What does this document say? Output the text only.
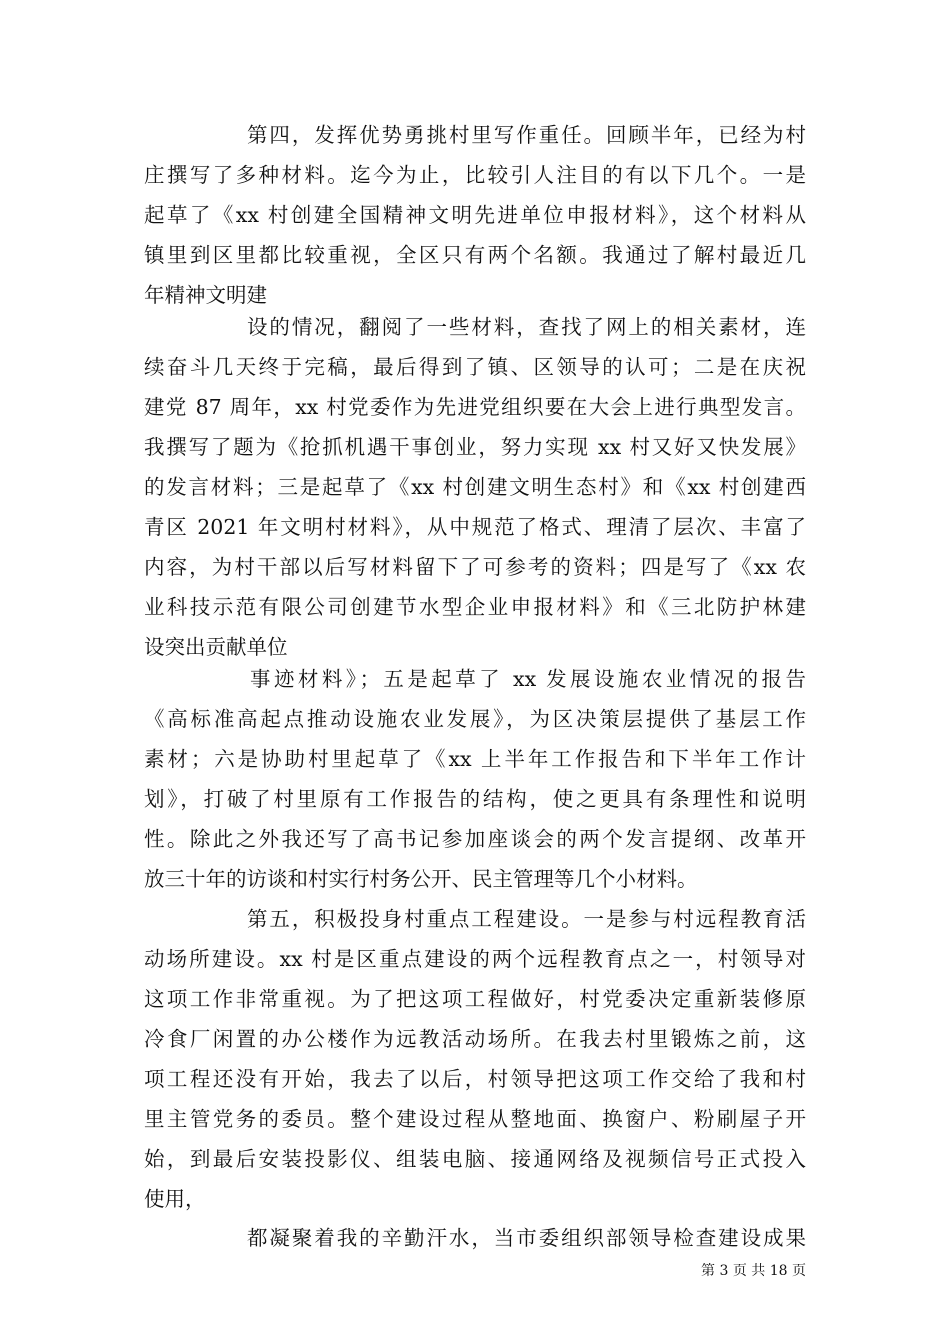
第四，发挥优势勇挑村里写作重任。回顾半年，已经为村
庄撰写了多种材料。迄今为止，比较引人注目的有以下几个。一是
起草了《xx 村创建全国精神文明先进单位申报材料》，这个材料从
镇里到区里都比较重视，全区只有两个名额。我通过了解村最近几
年精神文明建
设的情况，翻阅了一些材料，查找了网上的相关素材，连
续奋斗几天终于完稿，最后得到了镇、区领导的认可；二是在庆祝
建党 87 周年，xx 村党委作为先进党组织要在大会上进行典型发言。
我撰写了题为《抢抓机遇干事创业，努力实现 xx 村又好又快发展》
的发言材料；三是起草了《xx 村创建文明生态村》和《xx 村创建西
青区 2021 年文明村材料》，从中规范了格式、理清了层次、丰富了
内容，为村干部以后写材料留下了可参考的资料；四是写了《xx 农
业科技示范有限公司创建节水型企业申报材料》和《三北防护林建
设突出贡献单位
事迹材料》；五是起草了 xx 发展设施农业情况的报告
《高标准高起点推动设施农业发展》，为区决策层提供了基层工作
素材；六是协助村里起草了《xx 上半年工作报告和下半年工作计
划》，打破了村里原有工作报告的结构，使之更具有条理性和说明
性。除此之外我还写了高书记参加座谈会的两个发言提纲、改革开
放三十年的访谈和村实行村务公开、民主管理等几个小材料。
第五，积极投身村重点工程建设。一是参与村远程教育活
动场所建设。xx 村是区重点建设的两个远程教育点之一，村领导对
这项工作非常重视。为了把这项工程做好，村党委决定重新装修原
冷食厂闲置的办公楼作为远教活动场所。在我去村里锻炼之前，这
项工程还没有开始，我去了以后，村领导把这项工作交给了我和村
里主管党务的委员。整个建设过程从整地面、换窗户、粉刷屋子开
始，到最后安装投影仪、组装电脑、接通网络及视频信号正式投入
使用，
都凝聚着我的辛勤汗水，当市委组织部领导检查建设成果
第 3 页 共 18 页
